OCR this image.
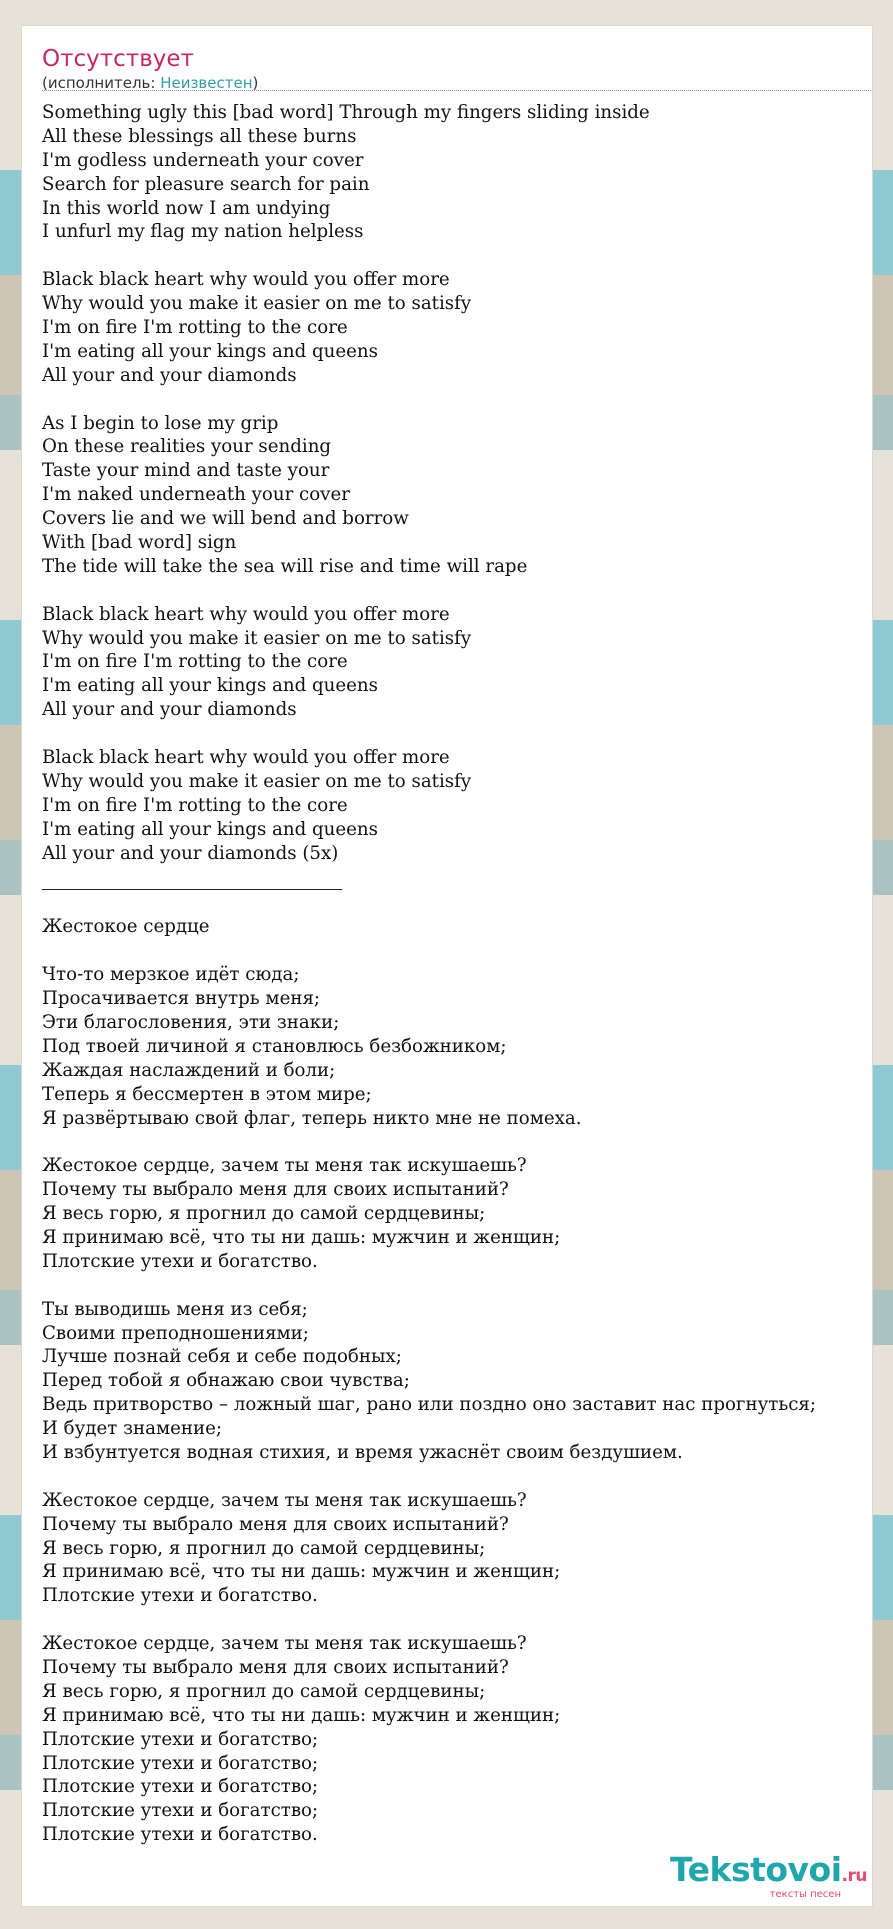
Отсутствует
(исполнитель: Неизвестен)
Something ugly this [bad word] Through my fingers sliding inside
All these blessings all these burns
I'm godless underneath your cover
Search for pleasure search for pain
In this world now I am undying
I unfurl my flag my nation helpless
Black black heart why would you offer more
Why would you make it easier on me to satisfy
I'm on fire I'm rotting to the core
I'm eating all your kings and queens
All your and your diamonds
As I begin to lose my grip
On these realities your sending
Taste your mind and taste your
I'm naked underneath your cover
Covers lie and we will bend and borrow
With [bad word] sign
The tide will take the sea will rise and time will rape
Black black heart why would you offer more
Why would you make it easier on me to satisfy
I'm on fire I'm rotting to the core
I'm eating all your kings and queens
All your and your diamonds
Black black heart why would you offer more
Why would you make it easier on me to satisfy
I'm on fire I'm rotting to the core
I'm eating all your kings and queens
All your and your diamonds (5x)
Жестокое сердце
Что-то мерзкое идёт сюда;
Просачивается внутрь меня;
Эти благословения, эти знаки;
Под твоей личиной я становлюсь безбожником;
Жаждая наслаждений и боли;
Теперь я бессмертен в этом мире;
Я развёртываю свой флаг, теперь никто мне не помеха.
Жестокое сердце, зачем ты меня так искушаешь?
Почему ты выбрало меня для своих испытаний?
Я весь горю, я прогнил до самой сердцевины;
Я принимаю всё, что ты ни дашь: мужчин и женщин;
Плотские утехи и богатство.
Ты выводишь меня из себя;
Своими преподношениями;
Лучше познай себя и себе подобных;
Перед тобой я обнажаю свои чувства;
Ведь притворство – ложный шаг, рано или поздно оно заставит нас прогнуться;
И будет знамение;
И взбунтуется водная стихия, и время ужаснёт своим бездушием.
Жестокое сердце, зачем ты меня так искушаешь?
Почему ты выбрало меня для своих испытаний?
Я весь горю, я прогнил до самой сердцевины;
Я принимаю всё, что ты ни дашь: мужчин и женщин;
Плотские утехи и богатство.
Жестокое сердце, зачем ты меня так искушаешь?
Почему ты выбрало меня для своих испытаний?
Я весь горю, я прогнил до самой сердцевины;
Я принимаю всё, что ты ни дашь: мужчин и женщин;
Плотские утехи и богатство;
Плотские утехи и богатство;
Плотские утехи и богатство;
Плотские утехи и богатство;
Плотские утехи и богатство.
Tekstovoi.ru
тексты песен
